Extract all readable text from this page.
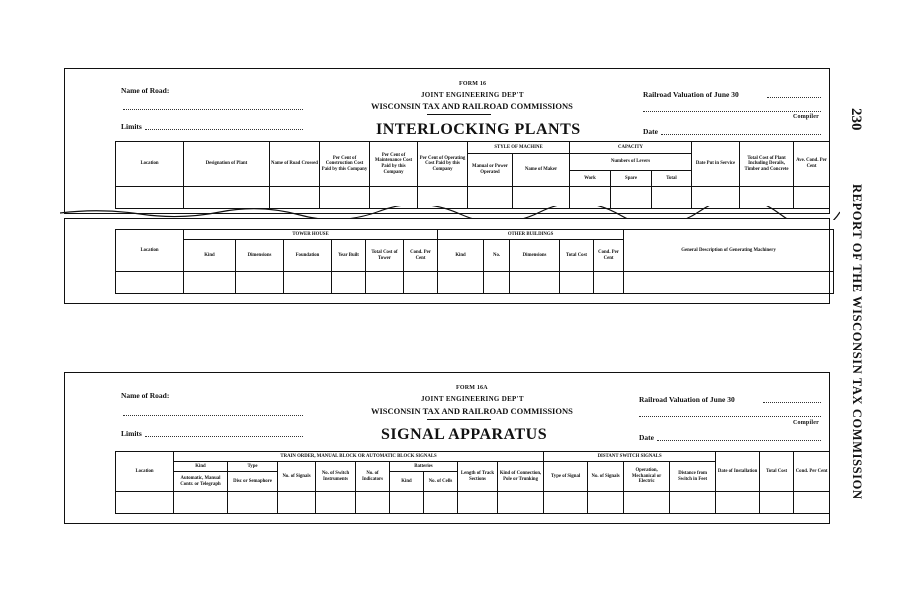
FORM 16
JOINT ENGINEERING DEP'T
WISCONSIN TAX AND RAILROAD COMMISSIONS
INTERLOCKING PLANTS
Name of Road:
Limits
Railroad Valuation of June 30
Compiler
Date
Location	Designation of Plant	Name of Road Crossed	Per Cent of Construction Cost Paid by this Company	Per Cent of Maintenance Cost Paid by this Company	Per Cent of Operating Cost Paid by this Company	STYLE OF MACHINE		CAPACITY			Date Put in Service	Total Cost of Plant Including Derails, Timber and Concrete	Ave. Cond. Per Cent
						Manual or Power Operated	Name of Maker	Numbers of Levers					
								Work	Spare	Total			

Location	TOWER HOUSE						OTHER BUILDINGS					General Description of Generating Machinery
	Kind	Dimensions	Foundation	Year Built	Total Cost of Tower	Cond. Per Cent	Kind	No.	Dimensions	Total Cost	Cond. Per Cent	

FORM 16A
JOINT ENGINEERING DEP'T
WISCONSIN TAX AND RAILROAD COMMISSIONS
SIGNAL APPARATUS
Name of Road:
Limits
Railroad Valuation of June 30
Compiler
Date
Location	TRAIN ORDER, MANUAL BLOCK OR AUTOMATIC BLOCK SIGNALS									DISTANT SWITCH SIGNALS				Date of Installation	Total Cost	Cond. Per Cent
	Kind	Type	No. of Signals	No. of Switch Instruments	No. of Indicators	Batteries		Length of Track Sections	Kind of Connection, Pole or Trunking	Type of Signal	No. of Signals	Operation, Mechanical or Electric	Distance from Switch in Feet			
	Automatic, Manual Contr. or Telegraph	Disc or Semaphore				Kind	No. of Cells									

230
REPORT OF THE WISCONSIN TAX COMMISSION
